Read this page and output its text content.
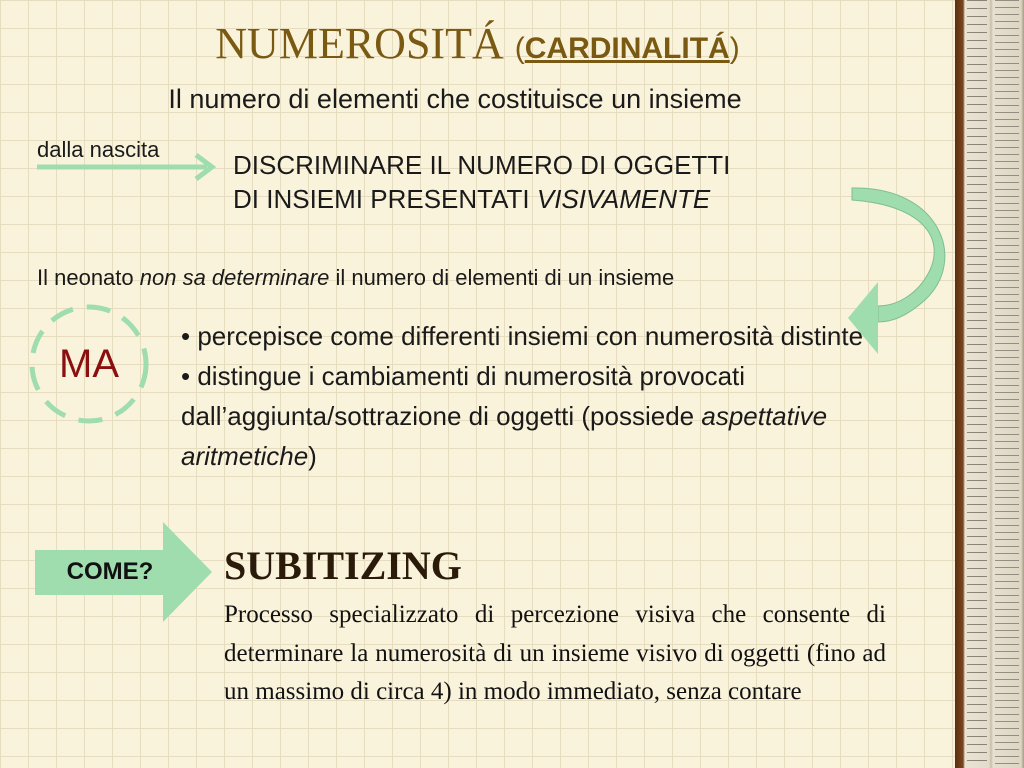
NUMEROSITÁ (CARDINALITÁ)
Il numero di elementi che costituisce un insieme
dalla nascita
DISCRIMINARE IL NUMERO DI OGGETTI
DI INSIEMI PRESENTATI VISIVAMENTE
Il neonato non sa determinare il numero di elementi di un insieme
MA
• percepisce come differenti insiemi con numerosità distinte
• distingue i cambiamenti di numerosità provocati dall’aggiunta/sottrazione di oggetti (possiede aspettative aritmetiche)
COME?	SUBITIZING
Processo specializzato di percezione visiva che consente di determinare la numerosità di un insieme visivo di oggetti (fino ad un massimo di circa 4) in modo immediato, senza contare
